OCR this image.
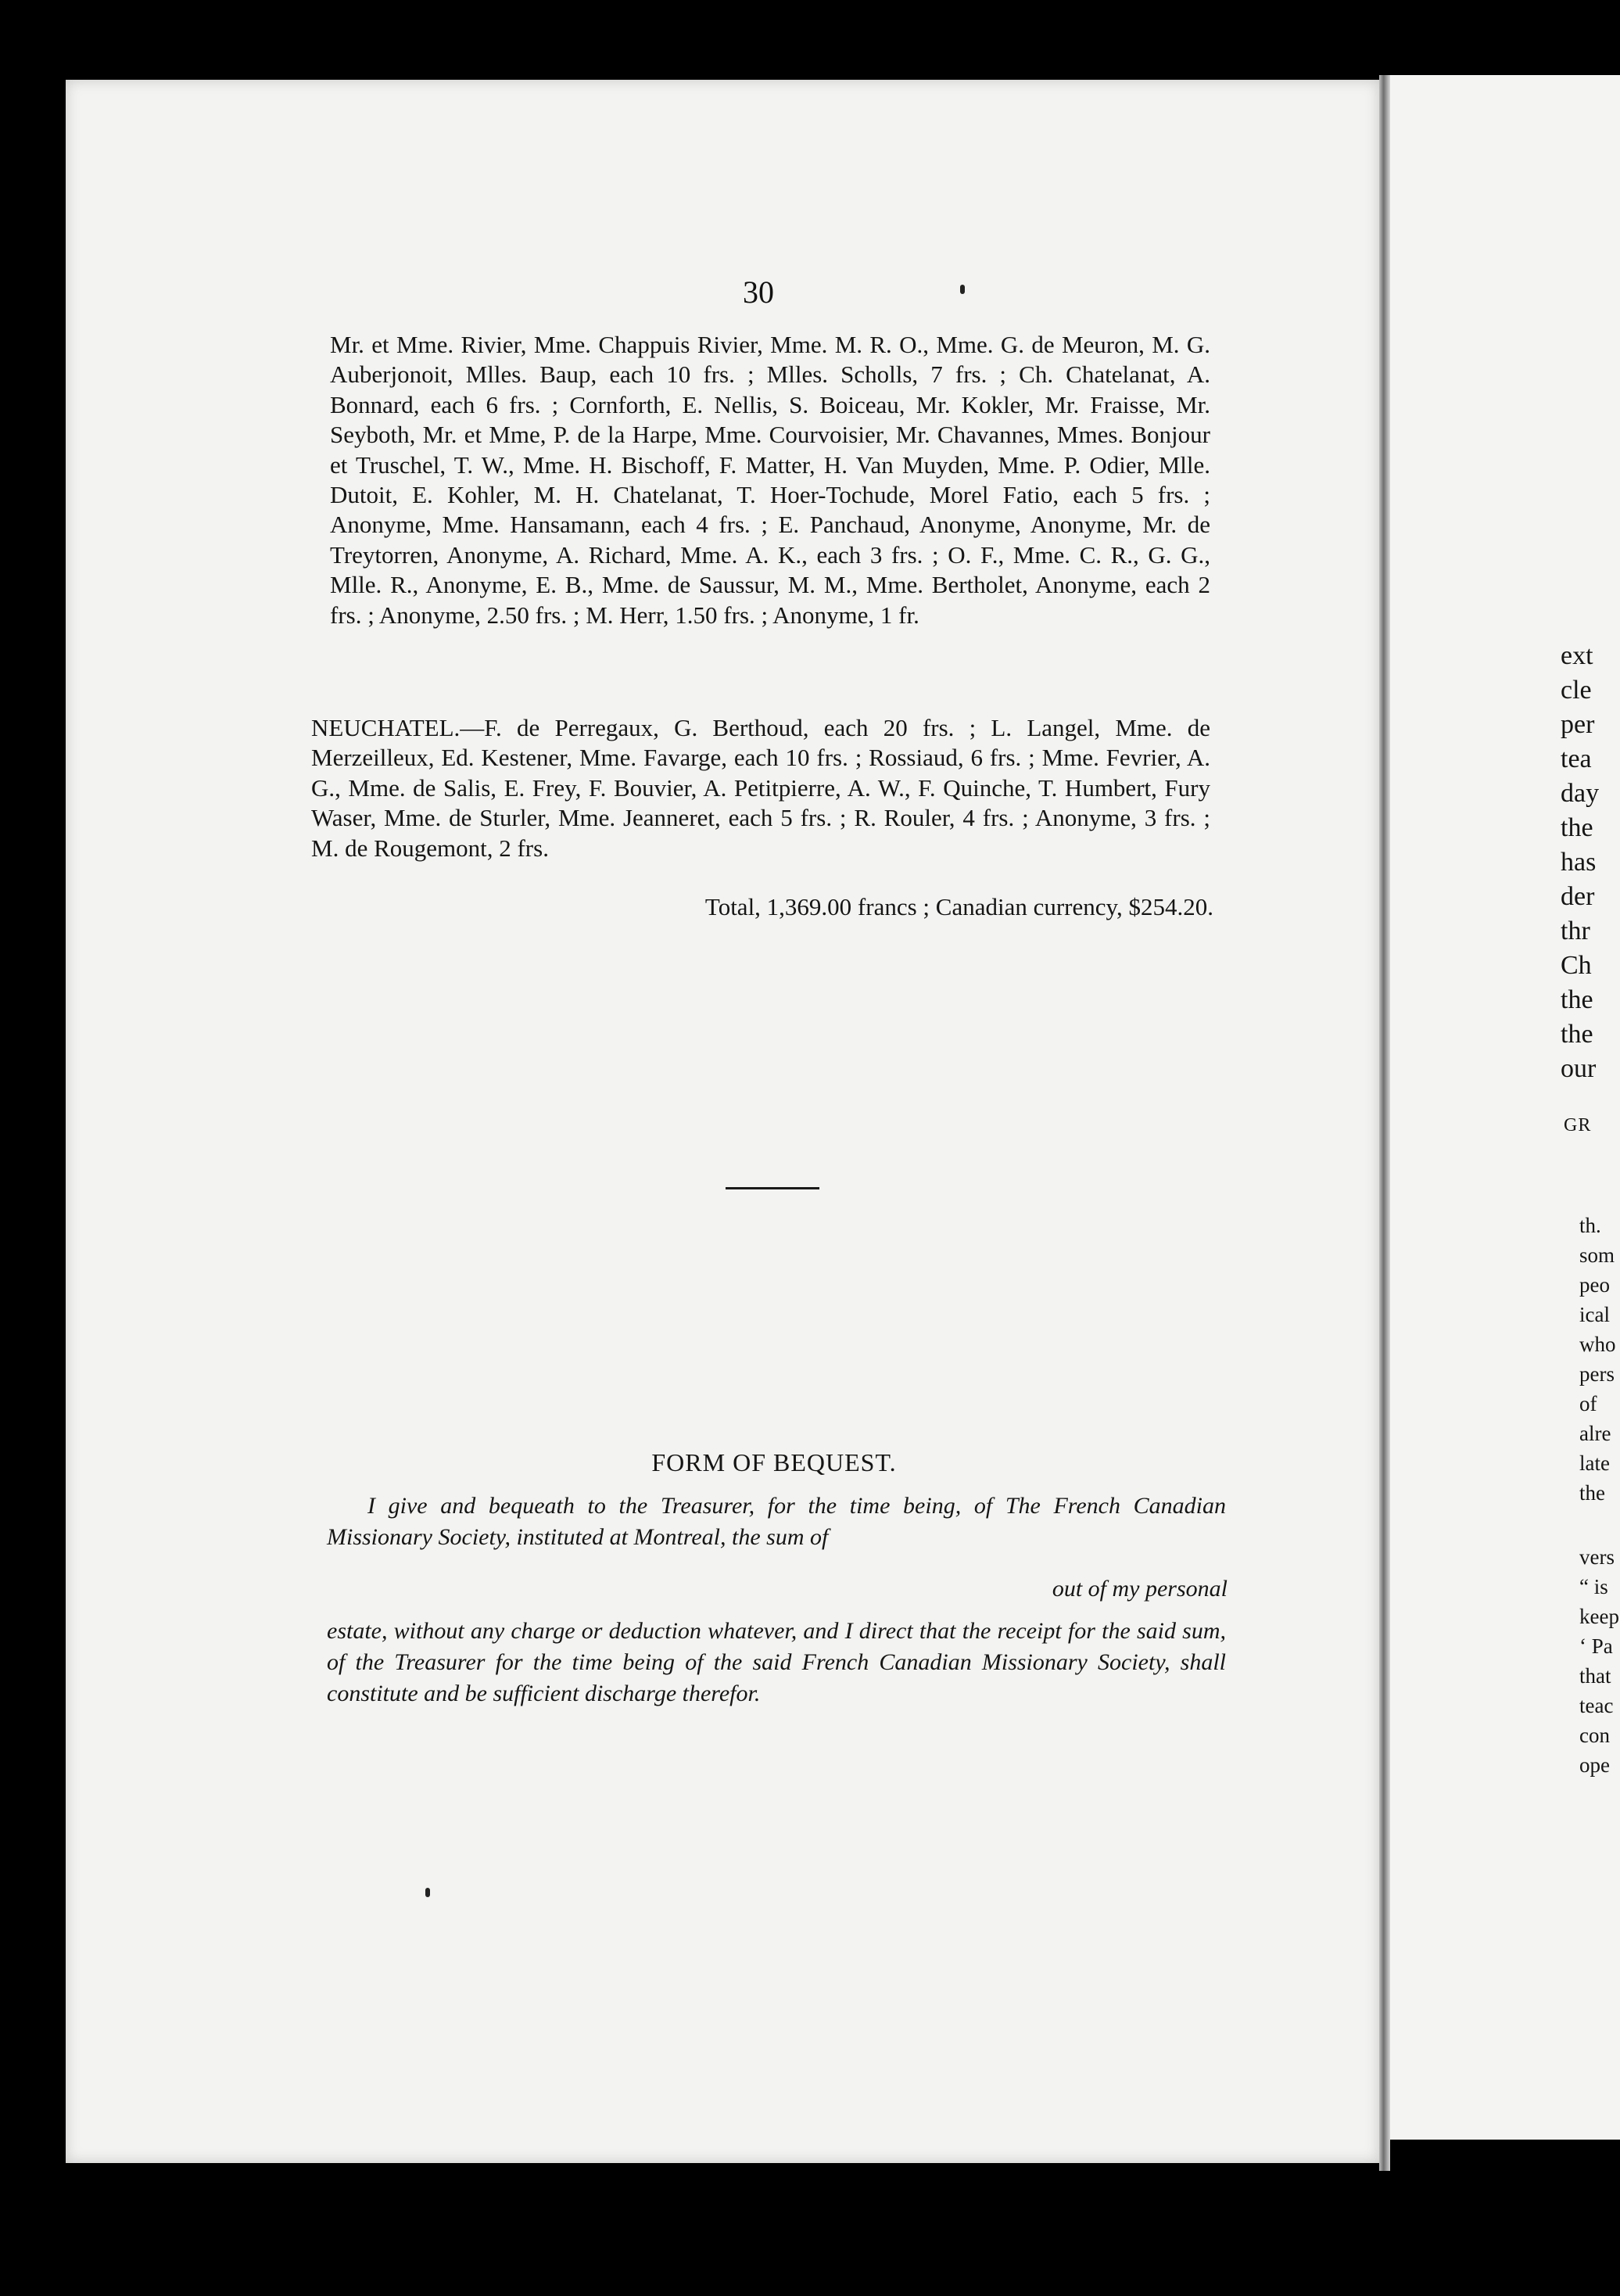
30
Mr. et Mme. Rivier, Mme. Chappuis Rivier, Mme. M. R. O., Mme. G. de Meuron, M. G. Auberjonoit, Mlles. Baup, each 10 frs. ; Mlles. Scholls, 7 frs. ; Ch. Chatelanat, A. Bonnard, each 6 frs. ; Cornforth, E. Nellis, S. Boiceau, Mr. Kokler, Mr. Fraisse, Mr. Seyboth, Mr. et Mme, P. de la Harpe, Mme. Courvoisier, Mr. Chavannes, Mmes. Bonjour et Truschel, T. W., Mme. H. Bischoff, F. Matter, H. Van Muyden, Mme. P. Odier, Mlle. Dutoit, E. Kohler, M. H. Chatelanat, T. Hoer-Tochude, Morel Fatio, each 5 frs. ; Anonyme, Mme. Hansamann, each 4 frs. ; E. Panchaud, Anonyme, Anonyme, Mr. de Treytorren, Anonyme, A. Richard, Mme. A. K., each 3 frs. ; O. F., Mme. C. R., G. G., Mlle. R., Anonyme, E. B., Mme. de Saussur, M. M., Mme. Bertholet, Anonyme, each 2 frs. ; Anonyme, 2.50 frs. ; M. Herr, 1.50 frs. ; Anonyme, 1 fr.
NEUCHATEL.—F. de Perregaux, G. Berthoud, each 20 frs. ; L. Langel, Mme. de Merzeilleux, Ed. Kestener, Mme. Favarge, each 10 frs. ; Rossiaud, 6 frs. ; Mme. Fevrier, A. G., Mme. de Salis, E. Frey, F. Bouvier, A. Petitpierre, A. W., F. Quinche, T. Humbert, Fury Waser, Mme. de Sturler, Mme. Jeanneret, each 5 frs. ; R. Rouler, 4 frs. ; Anonyme, 3 frs. ; M. de Rougemont, 2 frs.
Total, 1,369.00 francs ; Canadian currency, $254.20.
FORM OF BEQUEST.
I give and bequeath to the Treasurer, for the time being, of The French Canadian Missionary Society, instituted at Montreal, the sum of
out of my personal
estate, without any charge or deduction whatever, and I direct that the receipt for the said sum, of the Treasurer for the time being of the said French Canadian Missionary Society, shall constitute and be sufficient discharge therefor.
ext
cle
per
tea
day
the
has
der
thr
Ch
the
the
our
GR
th.
som
peo
ical
who
pers
of
alre
late
the
vers
“ is
keep
‘ Pa
that
teac
con
ope
